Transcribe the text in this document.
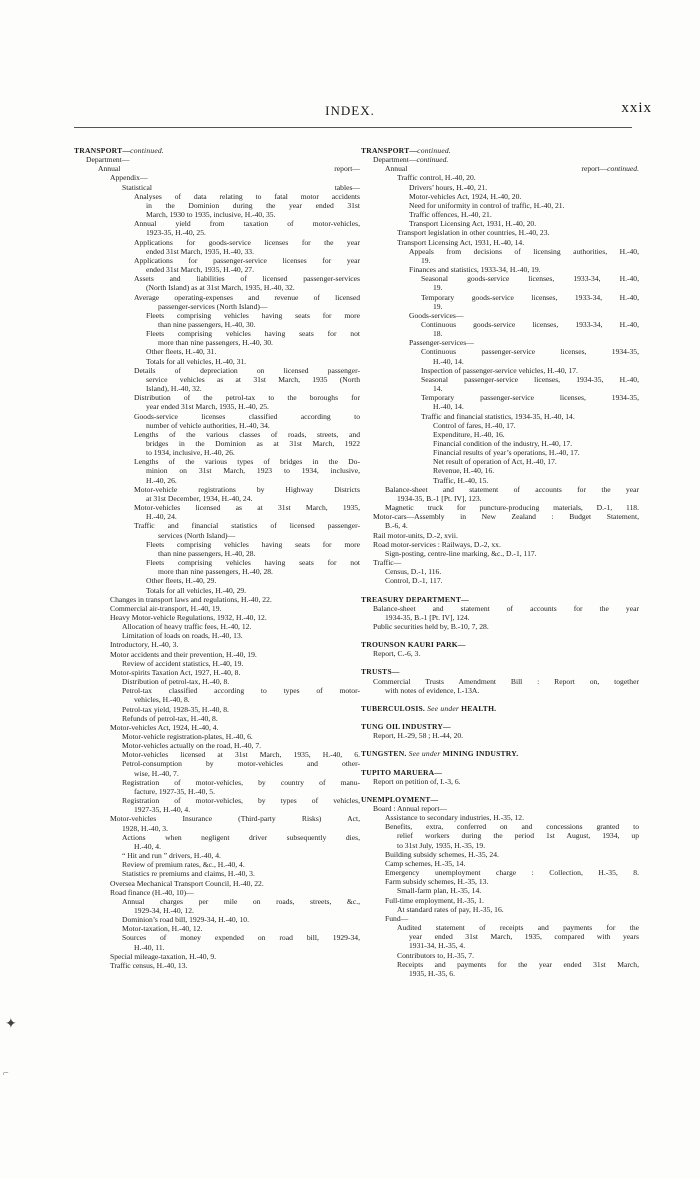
INDEX.	xxix
TRANSPORT—continued.
Department—
Annual report—
Appendix—
Statistical tables—
Analyses of data relating to fatal motor accidents
in the Dominion during the year ended 31st
March, 1930 to 1935, inclusive, H.-40, 35.
Annual yield from taxation of motor-vehicles,
1923-35, H.-40, 25.
Applications for goods-service licenses for the year
ended 31st March, 1935, H.-40, 33.
Applications for passenger-service licenses for year
ended 31st March, 1935, H.-40, 27.
Assets and liabilities of licensed passenger-services
(North Island) as at 31st March, 1935, H.-40, 32.
Average operating-expenses and revenue of licensed
passenger-services (North Island)—
Fleets comprising vehicles having seats for more
than nine passengers, H.-40, 30.
Fleets comprising vehicles having seats for not
more than nine passengers, H.-40, 30.
Other fleets, H.-40, 31.
Totals for all vehicles, H.-40, 31.
Details of depreciation on licensed passenger-
service vehicles as at 31st March, 1935 (North
Island), H.-40, 32.
Distribution of the petrol-tax to the boroughs for
year ended 31st March, 1935, H.-40, 25.
Goods-service licenses classified according to
number of vehicle authorities, H.-40, 34.
Lengths of the various classes of roads, streets, and
bridges in the Dominion as at 31st March, 1922
to 1934, inclusive, H.-40, 26.
Lengths of the various types of bridges in the Do-
minion on 31st March, 1923 to 1934, inclusive,
H.-40, 26.
Motor-vehicle registrations by Highway Districts
at 31st December, 1934, H.-40, 24.
Motor-vehicles licensed as at 31st March, 1935,
H.-40, 24.
Traffic and financial statistics of licensed passenger-
services (North Island)—
Fleets comprising vehicles having seats for more
than nine passengers, H.-40, 28.
Fleets comprising vehicles having seats for not
more than nine passengers, H.-40, 28.
Other fleets, H.-40, 29.
Totals for all vehicles, H.-40, 29.
Changes in transport laws and regulations, H.-40, 22.
Commercial air-transport, H.-40, 19.
Heavy Motor-vehicle Regulations, 1932, H.-40, 12.
Allocation of heavy traffic fees, H.-40, 12.
Limitation of loads on roads, H.-40, 13.
Introductory, H.-40, 3.
Motor accidents and their prevention, H.-40, 19.
Review of accident statistics, H.-40, 19.
Motor-spirits Taxation Act, 1927, H.-40, 8.
Distribution of petrol-tax, H.-40, 8.
Petrol-tax classified according to types of motor-
vehicles, H.-40, 8.
Petrol-tax yield, 1928-35, H.-40, 8.
Refunds of petrol-tax, H.-40, 8.
Motor-vehicles Act, 1924, H.-40, 4.
Motor-vehicle registration-plates, H.-40, 6.
Motor-vehicles actually on the road, H.-40, 7.
Motor-vehicles licensed at 31st March, 1935, H.-40, 6.
Petrol-consumption by motor-vehicles and other-
wise, H.-40, 7.
Registration of motor-vehicles, by country of manu-
facture, 1927-35, H.-40, 5.
Registration of motor-vehicles, by types of vehicles,
1927-35, H.-40, 4.
Motor-vehicles Insurance (Third-party Risks) Act,
1928, H.-40, 3.
Actions when negligent driver subsequently dies,
H.-40, 4.
“ Hit and run ” drivers, H.-40, 4.
Review of premium rates, &c., H.-40, 4.
Statistics re premiums and claims, H.-40, 3.
Oversea Mechanical Transport Council, H.-40, 22.
Road finance (H.-40, 10)—
Annual charges per mile on roads, streets, &c.,
1929-34, H.-40, 12.
Dominion’s road bill, 1929-34, H.-40, 10.
Motor-taxation, H.-40, 12.
Sources of money expended on road bill, 1929-34,
H.-40, 11.
Special mileage-taxation, H.-40, 9.
Traffic census, H.-40, 13.
TRANSPORT—continued.
Department—continued.
Annual report—continued.
Traffic control, H.-40, 20.
Drivers’ hours, H.-40, 21.
Motor-vehicles Act, 1924, H.-40, 20.
Need for uniformity in control of traffic, H.-40, 21.
Traffic offences, H.-40, 21.
Transport Licensing Act, 1931, H.-40, 20.
Transport legislation in other countries, H.-40, 23.
Transport Licensing Act, 1931, H.-40, 14.
Appeals from decisions of licensing authorities, H.-40,
19.
Finances and statistics, 1933-34, H.-40, 19.
Seasonal goods-service licenses, 1933-34, H.-40,
19.
Temporary goods-service licenses, 1933-34, H.-40,
19.
Goods-services—
Continuous goods-service licenses, 1933-34, H.-40,
18.
Passenger-services—
Continuous passenger-service licenses, 1934-35,
H.-40, 14.
Inspection of passenger-service vehicles, H.-40, 17.
Seasonal passenger-service licenses, 1934-35, H.-40,
14.
Temporary passenger-service licenses, 1934-35,
H.-40, 14.
Traffic and financial statistics, 1934-35, H.-40, 14.
Control of fares, H.-40, 17.
Expenditure, H.-40, 16.
Financial condition of the industry, H.-40, 17.
Financial results of year’s operations, H.-40, 17.
Net result of operation of Act, H.-40, 17.
Revenue, H.-40, 16.
Traffic, H.-40, 15.
Balance-sheet and statement of accounts for the year
1934-35, B.-1 [Pt. IV], 123.
Magnetic truck for puncture-producing materials, D.-1, 118.
Motor-cars—Assembly in New Zealand : Budget Statement,
B.-6, 4.
Rail motor-units, D.-2, xvii.
Road motor-services : Railways, D.-2, xx.
Sign-posting, centre-line marking, &c., D.-1, 117.
Traffic—
Census, D.-1, 116.
Control, D.-1, 117.
TREASURY DEPARTMENT—
Balance-sheet and statement of accounts for the year
1934-35, B.-1 [Pt. IV], 124.
Public securities held by, B.-10, 7, 28.
TROUNSON KAURI PARK—
Report, C.-6, 3.
TRUSTS—
Commercial Trusts Amendment Bill : Report on, together
with notes of evidence, I.-13A.
TUBERCULOSIS. See under HEALTH.
TUNG OIL INDUSTRY—
Report, H.-29, 58 ; H.-44, 20.
TUNGSTEN. See under MINING INDUSTRY.
TUPITO MARUERA—
Report on petition of, I.-3, 6.
UNEMPLOYMENT—
Board : Annual report—
Assistance to secondary industries, H.-35, 12.
Benefits, extra, conferred on and concessions granted to
relief workers during the period 1st August, 1934, up
to 31st July, 1935, H.-35, 19.
Building subsidy schemes, H.-35, 24.
Camp schemes, H.-35, 14.
Emergency unemployment charge : Collection, H.-35, 8.
Farm subsidy schemes, H.-35, 13.
Small-farm plan, H.-35, 14.
Full-time employment, H.-35, 1.
At standard rates of pay, H.-35, 16.
Fund—
Audited statement of receipts and payments for the
year ended 31st March, 1935, compared with years
1931-34, H.-35, 4.
Contributors to, H.-35, 7.
Receipts and payments for the year ended 31st March,
1935, H.-35, 6.
✦
⌐
